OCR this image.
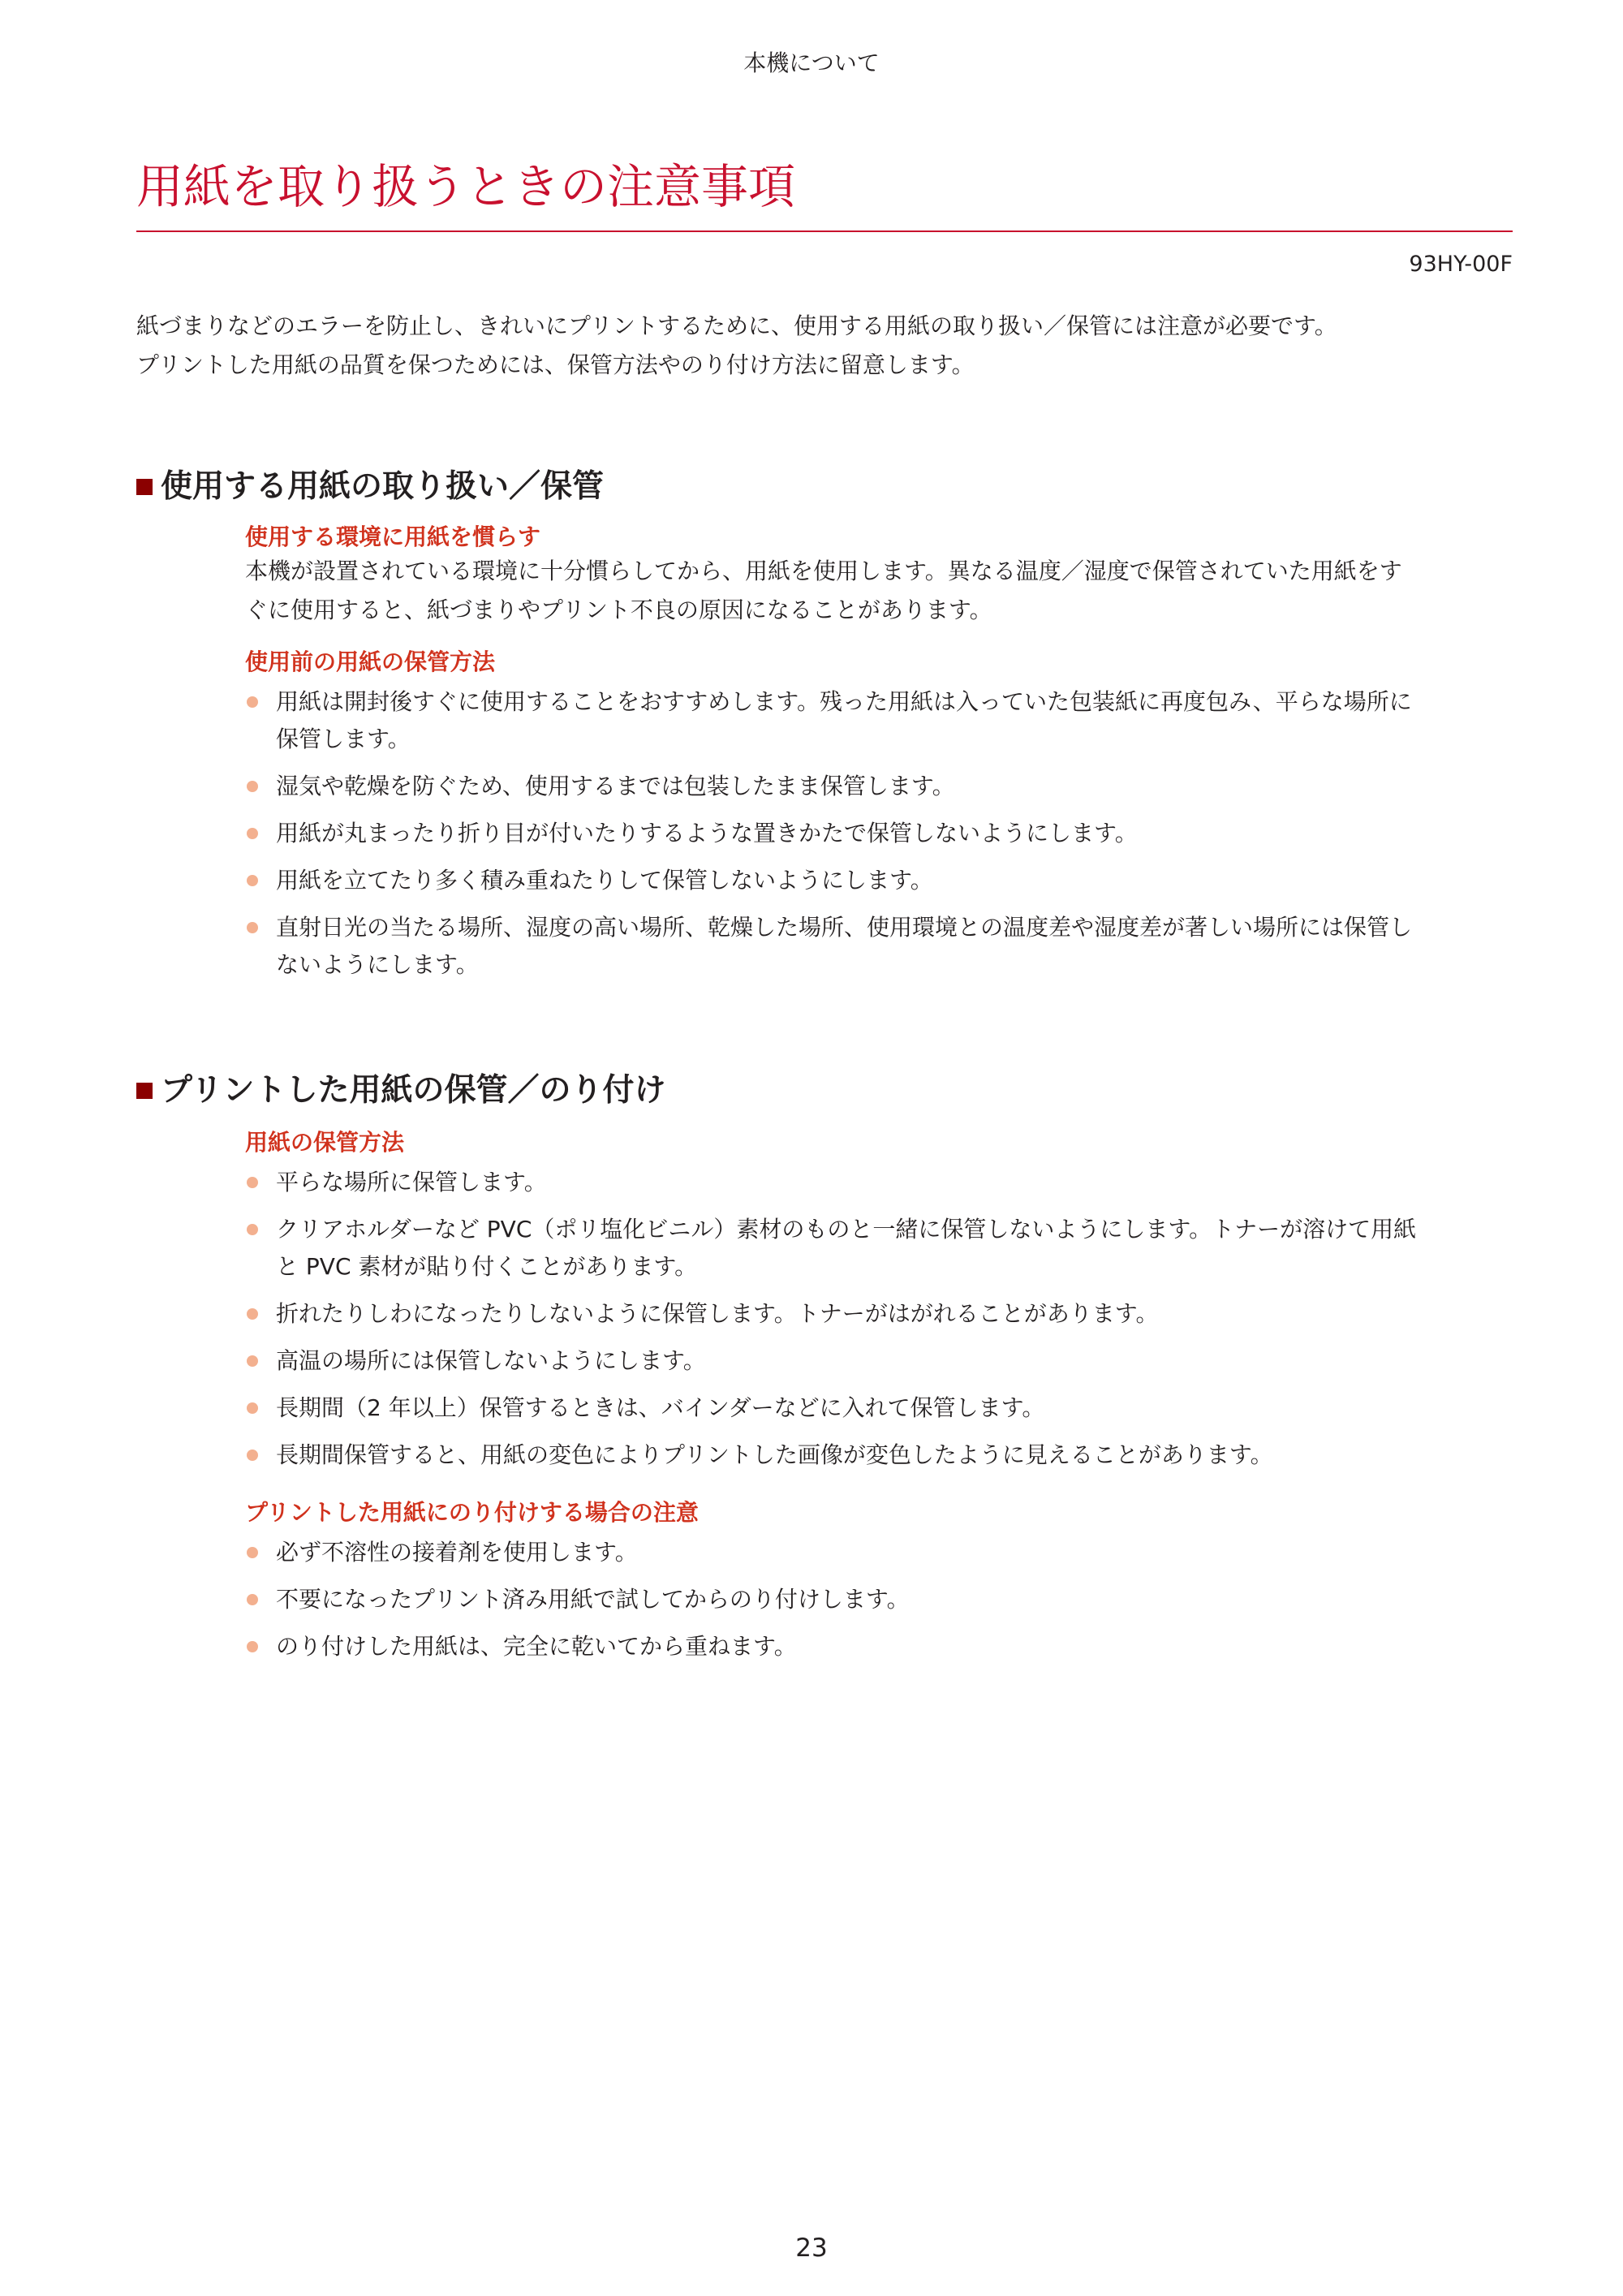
本機について
用紙を取り扱うときの注意事項
93HY-00F
紙づまりなどのエラーを防止し、きれいにプリントするために、使用する用紙の取り扱い／保管には注意が必要です。
プリントした用紙の品質を保つためには、保管方法やのり付け方法に留意します。
使用する用紙の取り扱い／保管
使用する環境に用紙を慣らす
本機が設置されている環境に十分慣らしてから、用紙を使用します。異なる温度／湿度で保管されていた用紙をす
ぐに使用すると、紙づまりやプリント不良の原因になることがあります。
使用前の用紙の保管方法
用紙は開封後すぐに使用することをおすすめします。残った用紙は入っていた包装紙に再度包み、平らな場所に
保管します。
湿気や乾燥を防ぐため、使用するまでは包装したまま保管します。
用紙が丸まったり折り目が付いたりするような置きかたで保管しないようにします。
用紙を立てたり多く積み重ねたりして保管しないようにします。
直射日光の当たる場所、湿度の高い場所、乾燥した場所、使用環境との温度差や湿度差が著しい場所には保管し
ないようにします。
プリントした用紙の保管／のり付け
用紙の保管方法
平らな場所に保管します。
クリアホルダーなど PVC（ポリ塩化ビニル）素材のものと一緒に保管しないようにします。トナーが溶けて用紙
と PVC 素材が貼り付くことがあります。
折れたりしわになったりしないように保管します。トナーがはがれることがあります。
高温の場所には保管しないようにします。
長期間（2 年以上）保管するときは、バインダーなどに入れて保管します。
長期間保管すると、用紙の変色によりプリントした画像が変色したように見えることがあります。
プリントした用紙にのり付けする場合の注意
必ず不溶性の接着剤を使用します。
不要になったプリント済み用紙で試してからのり付けします。
のり付けした用紙は、完全に乾いてから重ねます。
23
